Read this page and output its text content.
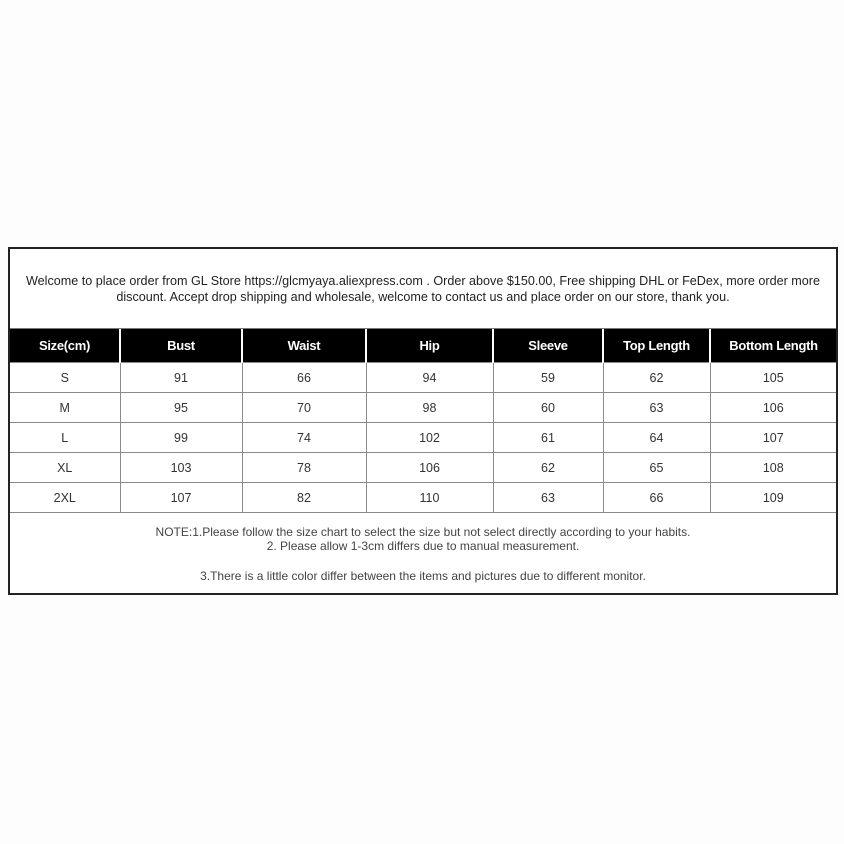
Welcome to place order from GL Store https://glcmyaya.aliexpress.com . Order above $150.00, Free shipping DHL or FeDex, more order more discount. Accept drop shipping and wholesale, welcome to contact us and place order on our store, thank you.
Size(cm)	Bust	Waist	Hip	Sleeve	Top Length	Bottom Length
S	91	66	94	59	62	105
M	95	70	98	60	63	106
L	99	74	102	61	64	107
XL	103	78	106	62	65	108
2XL	107	82	110	63	66	109
NOTE:1.Please follow the size chart to select the size but not select directly according to your habits.
2. Please allow 1-3cm differs due to manual measurement.
3.There is a little color differ between the items and pictures due to different monitor.
